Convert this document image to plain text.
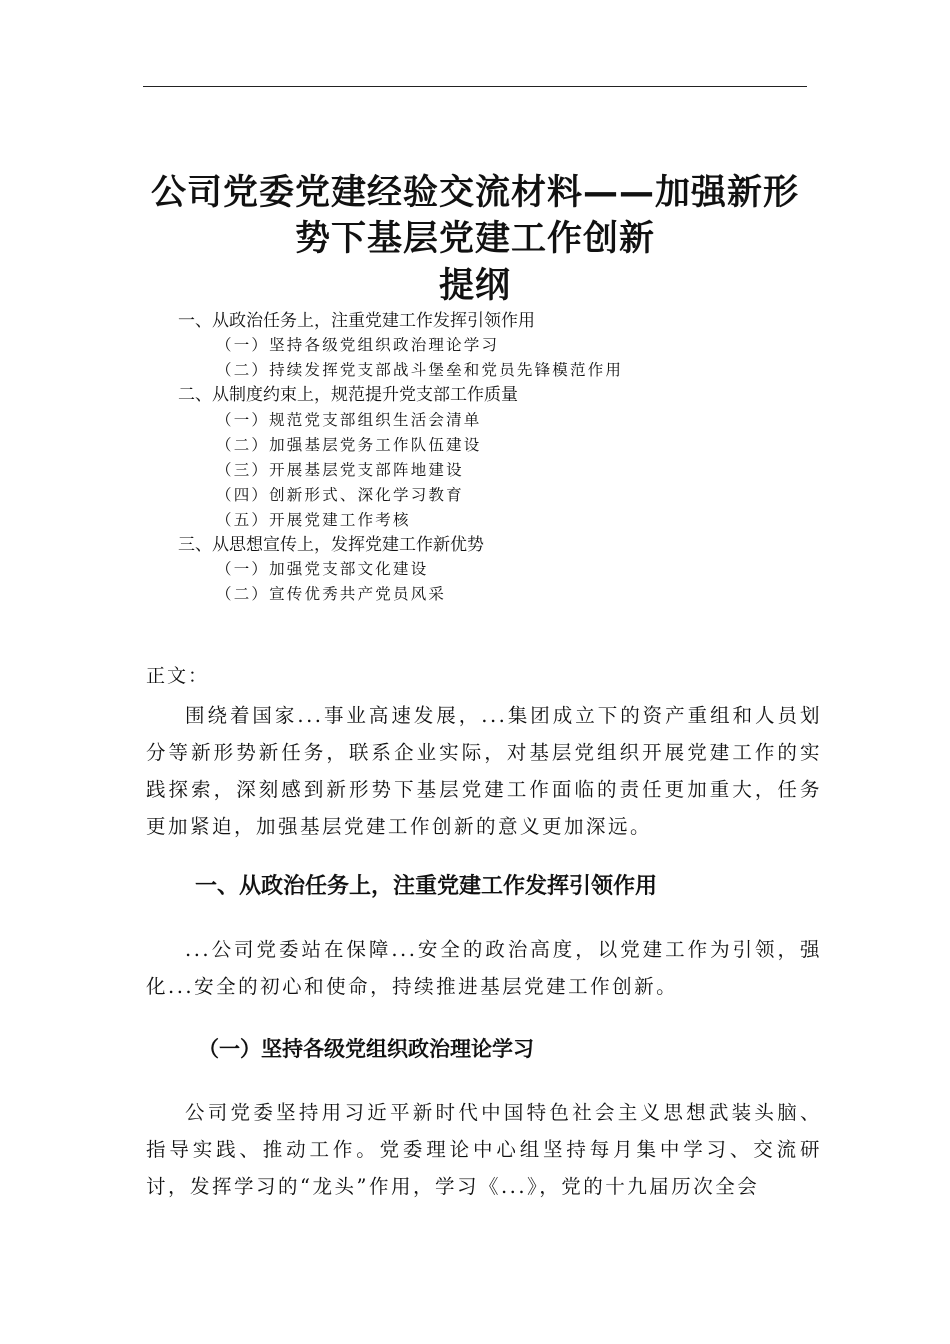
公司党委党建经验交流材料——加强新形
势下基层党建工作创新
提纲
一、从政治任务上，注重党建工作发挥引领作用
（一）坚持各级党组织政治理论学习
（二）持续发挥党支部战斗堡垒和党员先锋模范作用
二、从制度约束上，规范提升党支部工作质量
（一）规范党支部组织生活会清单
（二）加强基层党务工作队伍建设
（三）开展基层党支部阵地建设
（四）创新形式、深化学习教育
（五）开展党建工作考核
三、从思想宣传上，发挥党建工作新优势
（一）加强党支部文化建设
（二）宣传优秀共产党员风采
正文：

围绕着国家...事业高速发展，...集团成立下的资产重组和人员划分等新形势新任务，联系企业实际，对基层党组织开展党建工作的实践探索，深刻感到新形势下基层党建工作面临的责任更加重大，任务更加紧迫，加强基层党建工作创新的意义更加深远。

一、从政治任务上，注重党建工作发挥引领作用

...公司党委站在保障...安全的政治高度，以党建工作为引领，强化...安全的初心和使命，持续推进基层党建工作创新。

（一）坚持各级党组织政治理论学习

公司党委坚持用习近平新时代中国特色社会主义思想武装头脑、指导实践、推动工作。党委理论中心组坚持每月集中学习、交流研讨，发挥学习的“龙头”作用，学习《...》，党的十九届历次全会
